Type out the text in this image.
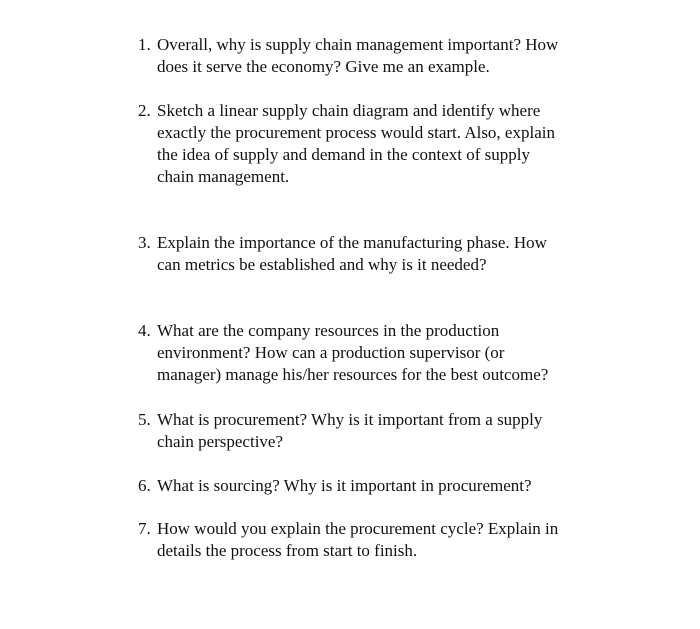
1. Overall, why is supply chain management important? How
does it serve the economy? Give me an example.
2. Sketch a linear supply chain diagram and identify where
exactly the procurement process would start. Also, explain
the idea of supply and demand in the context of supply
chain management.
3. Explain the importance of the manufacturing phase. How
can metrics be established and why is it needed?
4. What are the company resources in the production
environment? How can a production supervisor (or
manager) manage his/her resources for the best outcome?
5. What is procurement? Why is it important from a supply
chain perspective?
6. What is sourcing? Why is it important in procurement?
7. How would you explain the procurement cycle? Explain in
details the process from start to finish.
